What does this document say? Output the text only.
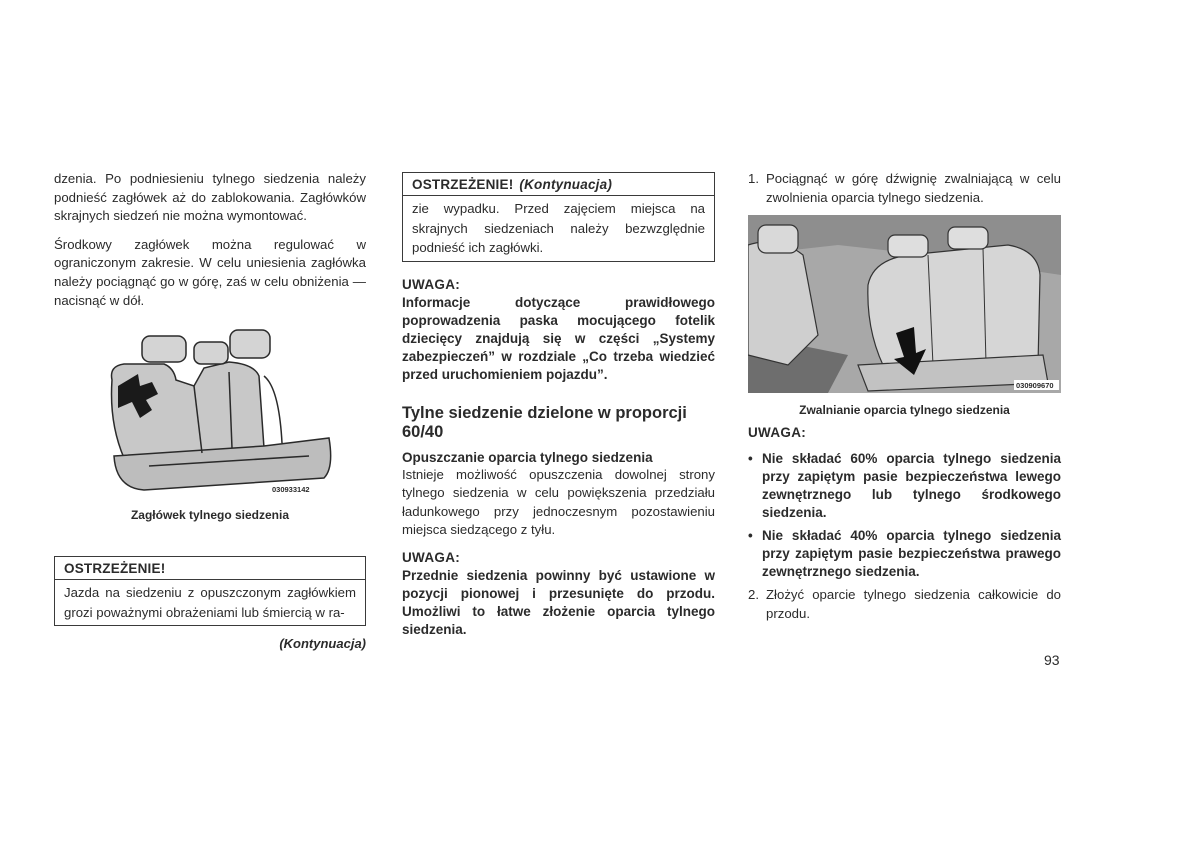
dzenia. Po podniesieniu tylnego siedzenia należy podnieść zagłówek aż do zablokowania. Zagłówków skrajnych siedzeń nie można wymontować.

Środkowy zagłówek można regulować w ograniczonym zakresie. W celu uniesienia zagłówka należy pociągnąć go w górę, zaś w celu obniżenia — nacisnąć w dół.

030933142
Zagłówek tylnego siedzenia
OSTRZEŻENIE!
Jazda na siedzeniu z opuszczonym zagłówkiem grozi poważnymi obrażeniami lub śmiercią w ra-
(Kontynuacja)
OSTRZEŻENIE! (Kontynuacja)
zie wypadku. Przed zajęciem miejsca na skrajnych siedzeniach należy bezwzględnie podnieść ich zagłówki.
UWAGA:
Informacje dotyczące prawidłowego poprowadzenia paska mocującego fotelik dziecięcy znajdują się w części „Systemy zabezpieczeń” w rozdziale „Co trzeba wiedzieć przed uruchomieniem pojazdu”.
Tylne siedzenie dzielone w proporcji 60/40
Opuszczanie oparcia tylnego siedzenia

Istnieje możliwość opuszczenia dowolnej strony tylnego siedzenia w celu powiększenia przedziału ładunkowego przy jednoczesnym pozostawieniu miejsca siedzącego z tyłu.

UWAGA:
Przednie siedzenia powinny być ustawione w pozycji pionowej i przesunięte do przodu. Umożliwi to łatwe złożenie oparcia tylnego siedzenia.
1. Pociągnąć w górę dźwignię zwalniającą w celu zwolnienia oparcia tylnego siedzenia.
030909670
Zwalnianie oparcia tylnego siedzenia
UWAGA:
• Nie składać 60% oparcia tylnego siedzenia przy zapiętym pasie bezpieczeństwa lewego zewnętrznego lub tylnego środkowego siedzenia.
• Nie składać 40% oparcia tylnego siedzenia przy zapiętym pasie bezpieczeństwa prawego zewnętrznego siedzenia.
2. Złożyć oparcie tylnego siedzenia całkowicie do przodu.
93
